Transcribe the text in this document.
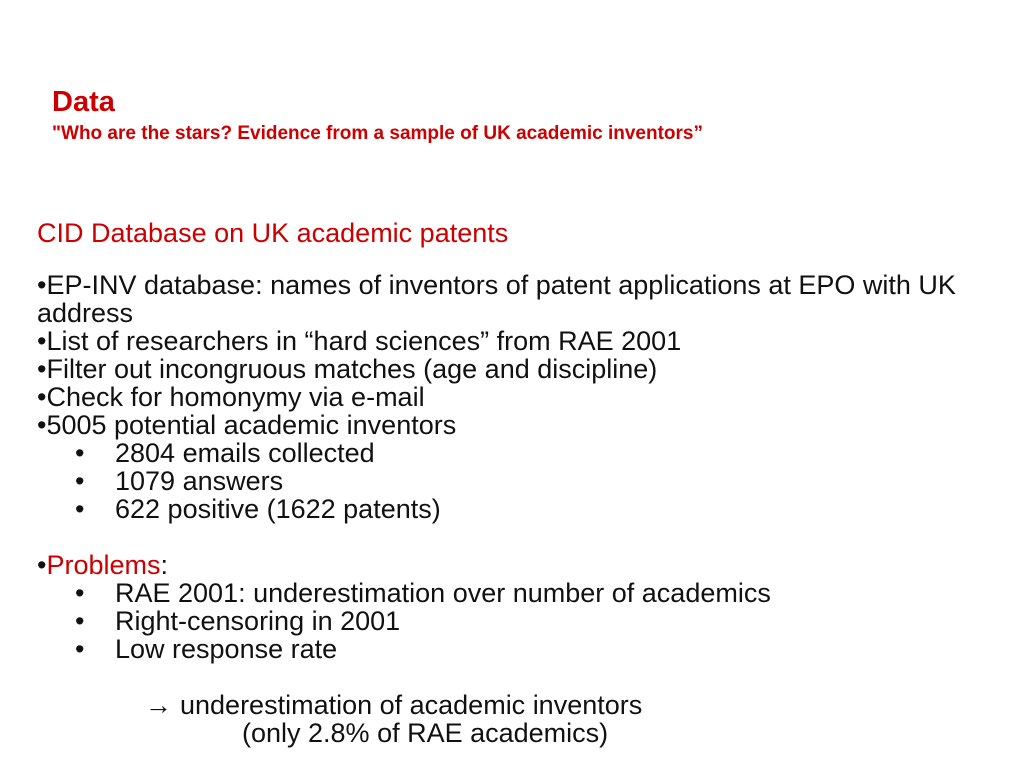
Data
"Who are the stars? Evidence from a sample of UK academic inventors”
CID Database on UK academic patents
•EP-INV database: names of inventors of patent applications at EPO with UK address
•List of researchers in “hard sciences” from RAE 2001
•Filter out incongruous matches (age and discipline)
•Check for homonymy via e-mail
•5005 potential academic inventors
• 2804 emails collected
• 1079 answers
• 622 positive (1622 patents)
•Problems:
• RAE 2001: underestimation over number of academics
• Right-censoring in 2001
• Low response rate
→ underestimation of academic inventors
(only 2.8% of RAE academics)
